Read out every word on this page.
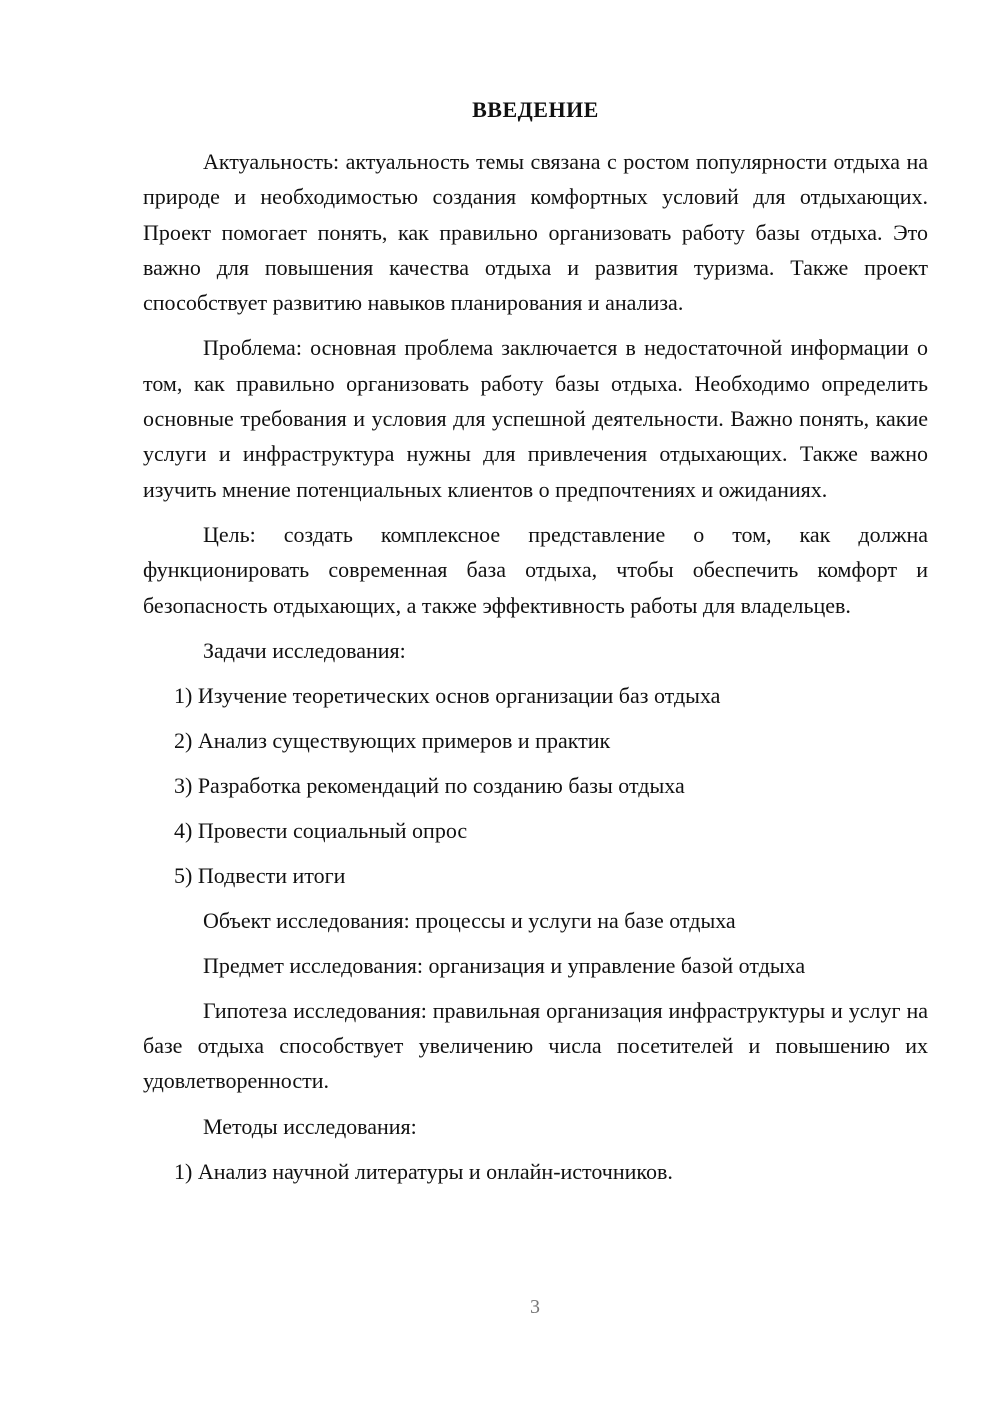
ВВЕДЕНИЕ

Актуальность: актуальность темы связана с ростом популярности отдыха на природе и необходимостью создания комфортных условий для отдыхающих. Проект помогает понять, как правильно организовать работу базы отдыха. Это важно для повышения качества отдыха и развития туризма. Также проект способствует развитию навыков планирования и анализа.

Проблема: основная проблема заключается в недостаточной информации о том, как правильно организовать работу базы отдыха. Необходимо определить основные требования и условия для успешной деятельности. Важно понять, какие услуги и инфраструктура нужны для привлечения отдыхающих. Также важно изучить мнение потенциальных клиентов о предпочтениях и ожиданиях.

Цель: создать комплексное представление о том, как должна функционировать современная база отдыха, чтобы обеспечить комфорт и безопасность отдыхающих, а также эффективность работы для владельцев.

Задачи исследования:
1) Изучение теоретических основ организации баз отдыха
2) Анализ существующих примеров и практик
3) Разработка рекомендаций по созданию базы отдыха
4) Провести социальный опрос
5) Подвести итоги
Объект исследования: процессы и услуги на базе отдыха
Предмет исследования: организация и управление базой отдыха

Гипотеза исследования: правильная организация инфраструктуры и услуг на базе отдыха способствует увеличению числа посетителей и повышению их удовлетворенности.

Методы исследования:
1) Анализ научной литературы и онлайн-источников.
3
